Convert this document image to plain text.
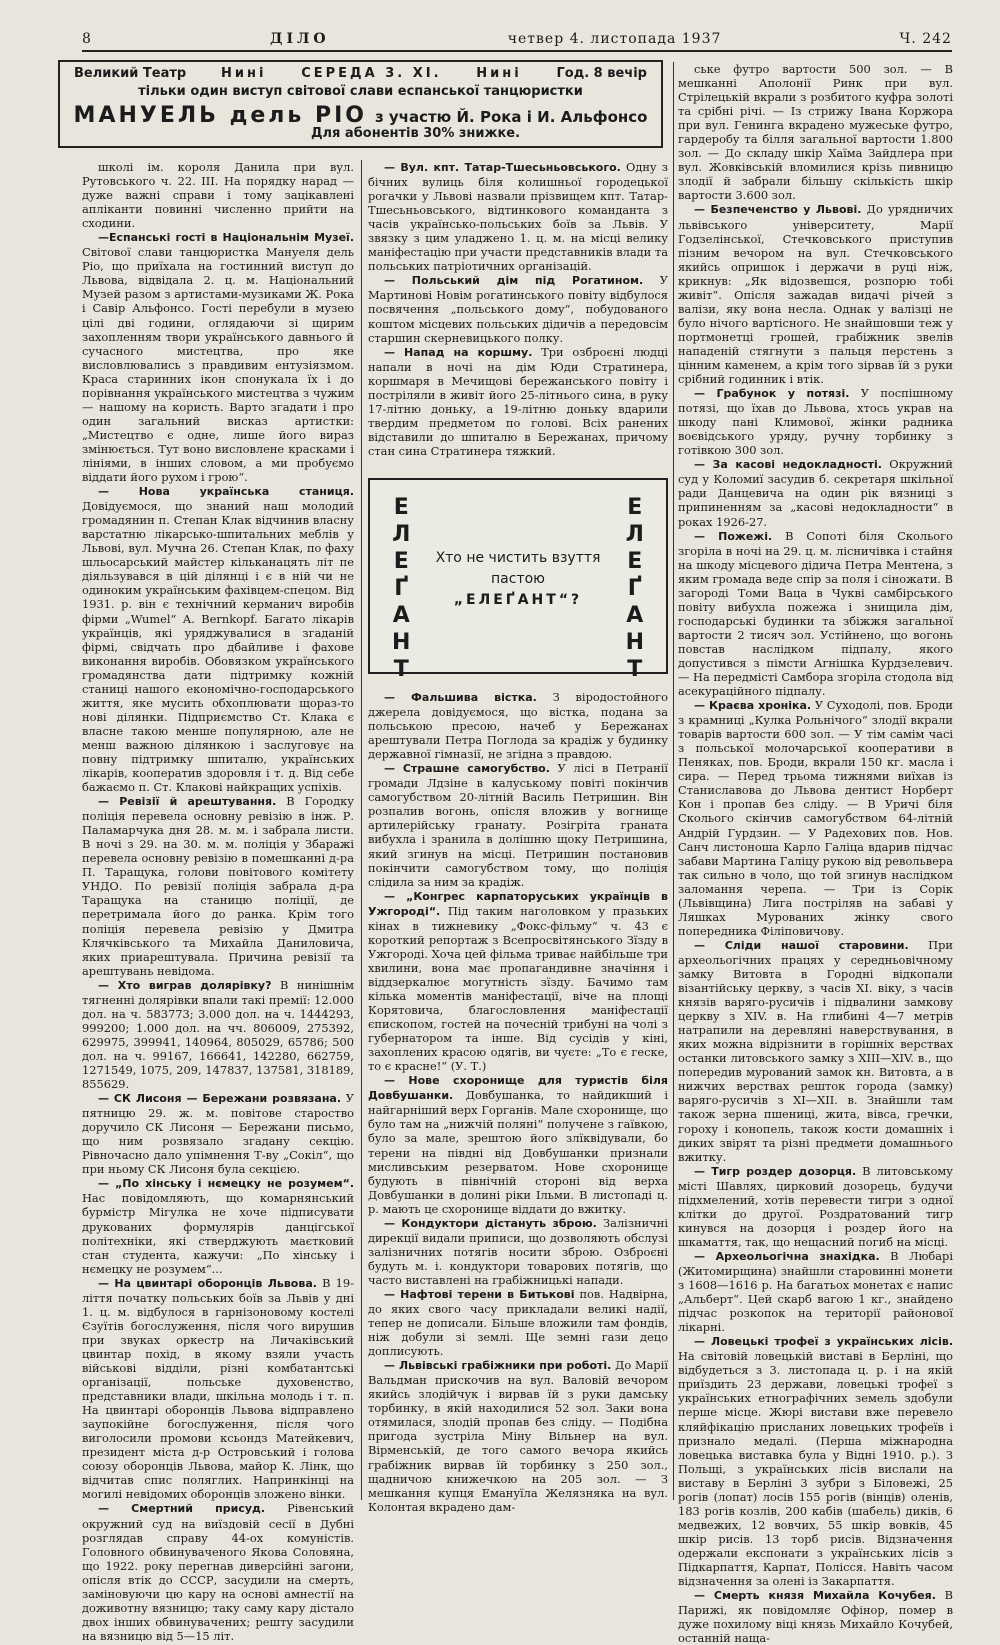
8	ДІЛО	четвер 4. листопада 1937	Ч. 242
Великий Театр	Нині	СЕРЕДА 3. XI.	Нині	Год. 8 вечір
тільки один виступ світової слави еспанської танцюристки
МАНУЕЛЬ дель РІО з участю Й. Рока і И. Альфонсо
Для абонентів 30% знижке.

школі ім. короля Данила при вул. Рутовського ч. 22. III. На порядку нарад — дуже важні справи і тому зацікавлені апліканти повинні численно прийти на сходини.

—Еспанські гості в Національнім Музеї. Світової слави танцюристка Мануеля дель Ріо, що приїхала на гостинний виступ до Львова, відвідала 2. ц. м. Національний Музей разом з артистами-музиками Ж. Рока і Савір Альфонсо. Гості перебули в музею цілі дві години, оглядаючи зі щирим захопленням твори українського давнього й сучасного мистецтва, про яке висловлювались з правдивим ентузіязмом. Краса старинних ікон спонукала їх і до порівнання українського мистецтва з чужим — нашому на користь. Варто згадати і про один загальний висказ артистки: „Мистецтво є одне, лише його вираз змінюється. Тут воно висловлене красками і лініями, в інших словом, а ми пробуємо віддати його рухом і грою“.

— Нова українська станиця. Довідуємося, що знаний наш молодий громадянин п. Степан Клак відчинив власну варстатню лікарсько-шпитальних меблів у Львові, вул. Мучна 26. Степан Клак, по фаху шльосарський майстер кільканацять літ пе діяльзувався в цій ділянці і є в ній чи не одиноким українським фахівцем-спецом. Від 1931. р. він є технічний керманич виробів фірми „Wumel“ A. Bernkopf. Багато лікарів українців, які уряджувалися в згаданій фірмі, свідчать про дбайливе і фахове виконання виробів. Обовязком українського громадянства дати підтримку кожній станиці нашого економічно-господарського життя, яке мусить обхоплювати щораз-то нові ділянки. Підприємство Ст. Клака є власне такою менше популярною, але не менш важною ділянкою і заслуговує на повну підтримку шпиталю, українських лікарів, кооператив здоровля і т. д. Від себе бажаємо п. Ст. Клакові найкращих успіхів.

— Ревізії й арештування. В Городку поліція перевела основну ревізію в інж. Р. Паламарчука дня 28. м. м. і забрала листи. В ночі з 29. на 30. м. м. поліція у Збаражі перевела основну ревізію в помешканні д-ра П. Таращука, голови повітового комітету УНДО. По ревізії поліція забрала д-ра Таращука на станицю поліції, де перетримала його до ранка. Крім того поліція перевела ревізію у Дмитра Клячківського та Михайла Даниловича, яких приарештувала. Причина ревізії та арештувань невідома.

— Хто виграв долярівку? В нинішнім тягненні долярівки впали такі премії: 12.000 дол. на ч. 583773; 3.000 дол. на ч. 1444293, 999200; 1.000 дол. на чч. 806009, 275392, 629975, 399941, 140964, 805029, 65786; 500 дол. на ч. 99167, 166641, 142280, 662759, 1271549, 1075, 209, 147837, 137581, 318189, 855629.

— СК Лисоня — Бережани розвязана. У пятницю 29. ж. м. повітове староство доручило СК Лисоня — Бережани письмо, що ним розвязало згадану секцію. Рівночасно дало упімнення Т-ву „Сокіл“, що при ньому СК Лисоня була секцією.

— „По хінську і нємецку не розумем“. Нас повідомляють, що комарнянський бурмістр Мігулка не хоче підписувати друкованих формулярів данцігської політехніки, які стверджують маєтковий стан студента, кажучи: „По хінську і нємецку не розумем“...

— На цвинтарі оборонців Львова. В 19-ліття початку польських боїв за Львів у дні 1. ц. м. відбулося в гарнізоновому костелі Єзуїтів богослуження, після чого вирушив при звуках оркестр на Личаківський цвинтар похід, в якому взяли участь військові відділи, різні комбатантські організації, польське духовенство, представники влади, шкільна молодь і т. п. На цвинтарі оборонців Львова відправлено заупокійне богослуження, після чого виголосили промови ксьондз Матейкевич, президент міста д-р Островський і голова союзу оборонців Львова, майор К. Лінк, що відчитав спис поляглих. Напринкінці на могилі невідомих оборонців зложено вінки.

— Смертний присуд. Рівенський окружний суд на виїздовій сесії в Дубні розглядав справу 44-ох комуністів. Головного обвинуваченого Якова Соловяна, що 1922. року перегнав диверсійні загони, опісля втік до СССР, засудили на смерть, заміновуючи цю кару на основі амнестії на доживотну вязницю; таку саму кару дістало двох інших обвинувачених; решту засудили на вязницю від 5—15 літ.

— Вул. кпт. Татар-Тшесьньовського. Одну з бічних вулиць біля колишньої городецької рогачки у Львові назвали прізвищем кпт. Татар-Тшесьньовського, відтинкового команданта з часів українсько-польських боїв за Львів. У звязку з цим уладжено 1. ц. м. на місці велику маніфестацію при участи представників влади та польських патріотичних організацій.

— Польський дім під Рогатином. У Мартинові Новім рогатинського повіту відбулося посвячення „польського дому“, побудованого коштом місцевих польських дідичів а передовсім старшин скерневицького полку.

— Напад на коршму. Три озброєні людці напали в ночі на дім Юди Стратинера, коршмаря в Мечищові бережанського повіту і постріляли в живіт його 25-літнього сина, в руку 17-літню доньку, а 19-літню доньку вдарили твердим предметом по голові. Всіх ранених відставили до шпиталю в Бережанах, причому стан сина Стратинера тяжкий.

Е
Л
Е
Ґ
А
Н
Т
Е
Л
Е
Ґ
А
Н
Т
Хто не чистить взуття
пастою
„ЕЛЕҐАНТ“?

— Фальшива вістка. З віродостойного джерела довідуємося, що вістка, подана за польською пресою, начеб у Бережанах арештували Петра Поглода за крадіж у будинку державної гімназії, не згідна з правдою.

— Страшне самогубство. У лісі в Петранії громади Лдзіне в калуському повіті покінчив самогубством 20-літній Василь Петришин. Він розпалив вогонь, опісля вложив у вогнище артилерійську гранату. Розігріта граната вибухла і зранила в долішню щоку Петришина, який згинув на місці. Петришин постановив покінчити самогубством тому, що поліція слідила за ним за крадіж.

— „Конгрес карпаторуських українців в Ужгороді“. Під таким наголовком у празьких кінах в тижневику „Фокс-фільму“ ч. 43 є короткий репортаж з Всепросвітянського Зїзду в Ужгороді. Хоча цей фільма триває найбільше три хвилини, вона має пропагандивне значіння і віддзеркалює могутність зїзду. Бачимо там кілька моментів маніфестації, віче на площі Корятовича, благословлення маніфестації єпископом, гостей на почесній трибуні на чолі з губернатором та інше. Від сусідів у кіні, захоплених красою одягів, ви чуєте: „То є геске, то є красне!“ (У. Т.)

— Нове схоронище для туристів біля Довбушанки. Довбушанка, то найдикший і найгарніший верх Горганів. Мале схоронище, що було там на „нижчій поляні“ получене з гаївкою, було за мале, зрештою його злїквідували, бо терени на півдні від Довбушанки признали мисливським резерватом. Нове схоронище будують в північній стороні від верха Довбушанки в долині ріки Ільми. В листопаді ц. р. мають це схоронище віддати до вжитку.

— Кондуктори дістануть зброю. Залізничні дирекції видали приписи, що дозволяють обслузі залізничних потягів носити зброю. Озброєні будуть м. і. кондуктори товарових потягів, що часто виставлені на грабіжницькі напади.

— Нафтові терени в Битькові пов. Надвірна, до яких свого часу прикладали великі надії, тепер не дописали. Більше вложили там фондів, ніж добули зі землі. Ще земні гази децо доплисують.

— Львівські грабіжники при роботі. До Марії Вальдман прискочив на вул. Валовій вечором якийсь злодійчук і вирвав їй з руки дамську торбинку, в якій находилися 52 зол. Заки вона отямилася, злодій пропав без сліду. — Подібна пригода зустріла Міну Вільнер на вул. Вірменській, де того самого вечора якийсь грабіжник вирвав їй торбинку з 250 зол., щадничою книжечкою на 205 зол. — З мешкання купця Емануїла Желязняка на вул. Колонтая вкрадено дам-

ське футро вартости 500 зол. — В мешканні Аполонії Ринк при вул. Стрілецькій вкрали з розбитого куфра золоті та срібні річі. — Із стрижу Івана Коржора при вул. Генинга вкрадено мужеське футро, гардеробу та білля загальної вартости 1.800 зол. — До складу шкір Хаїма Зайдлера при вул. Жовківській вломилися крізь пивницю злодії й забрали більшу скількість шкір вартости 3.600 зол.

— Безпеченство у Львові. До урядничих львівського університету, Марії Годзелінської, Стечковського приступив пізним вечором на вул. Стечковського якийсь опришок і держачи в руці ніж, крикнув: „Як відозвешся, розпорю тобі живіт“. Опісля зажадав видачі річей з валізи, яку вона несла. Однак у валізці не було нічого вартісного. Не знайшовши теж у портмонетці грошей, грабіжник звелів нападеній стягнути з пальця перстень з цінним каменем, а крім того зірвав їй з руки срібний годинник і втік.

— Грабунок у потязі. У поспішному потязі, що їхав до Львова, хтось украв на шкоду пані Климової, жінки радника воєвідського уряду, ручну торбинку з готівкою 300 зол.

— За касові недокладності. Окружний суд у Коломиї засудив б. секретаря шкільної ради Данцевича на один рік вязниці з припиненням за „касові недокладности“ в роках 1926-27.

— Пожежі. В Сопоті біля Сколього згоріла в ночі на 29. ц. м. лісничівка і стайня на шкоду місцевого дідича Петра Ментена, з яким громада веде спір за поля і сіножати. В загороді Томи Ваца в Чукві самбірського повіту вибухла пожежа і знищила дім, господарські будинки та збіжжя загальної вартости 2 тисяч зол. Устійнено, що вогонь повстав наслідком підпалу, якого допустився з пімсти Агнішка Курдзелевич. — На передмісті Самбора згоріла стодола від асекураційного підпалу.

— Краєва хроніка. У Суходолі, пов. Броди з крамниці „Кулка Рольнічого“ злодії вкрали товарів вартости 600 зол. — У тім самім часі з польської молочарської кооперативи в Пеняках, пов. Броди, вкрали 150 кг. масла і сира. — Перед трьома тижнями виїхав із Станиславова до Львова дентист Норберт Кон і пропав без сліду. — В Уричі біля Сколього скінчив самогубством 64-літній Андрій Гурдзин. — У Радехових пов. Нов. Санч листоноша Карло Галіца вдарив підчас забави Мартина Галіцу рукою від револьвера так сильно в чоло, що той згинув наслідком заломання черепа. — Три із Сорік (Львівщина) Лига постріляв на забаві у Ляшках Мурованих жінку свого попередника Філіповичову.

— Сліди нашої старовини. При археольогічних працях у середньовічному замку Витовта в Городні відкопали візантійську церкву, з часів XI. віку, з часів князів варяго-русичів і підвалини замкову церкву з XIV. в. На глибині 4—7 метрів натрапили на деревляні наверствування, в яких можна відрізнити в горішніх верствах останки литовського замку з XIII—XIV. в., що попередив мурований замок кн. Витовта, а в нижчих верствах решток города (замку) варяго-русичів з XI—XII. в. Знайшли там також зерна пшениці, жита, вівса, гречки, гороху і конопель, також кости домашніх і диких звірят та різні предмети домашнього вжитку.

— Тигр роздер дозорця. В литовському місті Шавлях, цирковий дозорець, будучи підхмелений, хотів перевести тигри з одної клітки до другої. Роздратований тигр кинувся на дозорця і роздер його на шкамаття, так, що нещасний погиб на місці.

— Археольогічна знахідка. В Любарі (Житомирщина) знайшли старовинні монети з 1608—1616 р. На багатьох монетах є напис „Альберт“. Цей скарб вагою 1 кг., знайдено підчас розкопок на території районової лікарні.

— Ловецькі трофеї з українських лісів. На світовій ловецькій виставі в Берліні, що відбудеться з 3. листопада ц. р. і на якій приїздить 23 держави, ловецькі трофеї з українських етнографічних земель здобули перше місце. Жюрі вистави вже перевело кляйфікацію присланих ловецьких трофеїв і признало медалі. (Перша міжнародна ловецька виставка була у Відні 1910. р.). З Польщі, з українських лісів вислали на виставу в Берліні 3 зубри з Біловежі, 25 рогів (лопат) лосів 155 рогів (вінців) оленів, 183 рогів козлів, 200 кабів (шабель) диків, 6 медвежих, 12 вовчих, 55 шкір вовків, 45 шкір рисів. 13 торб рисів. Відзначення одержали експонати з українських лісів з Підкарпаття, Карпат, Полісся. Навіть часом відзначення за олені із Закарпаття.

— Смерть князя Михайла Кочубея. В Парижі, як повідомляє Офінор, помер в дуже похилому віці князь Михайло Кочубей, останній наща-
